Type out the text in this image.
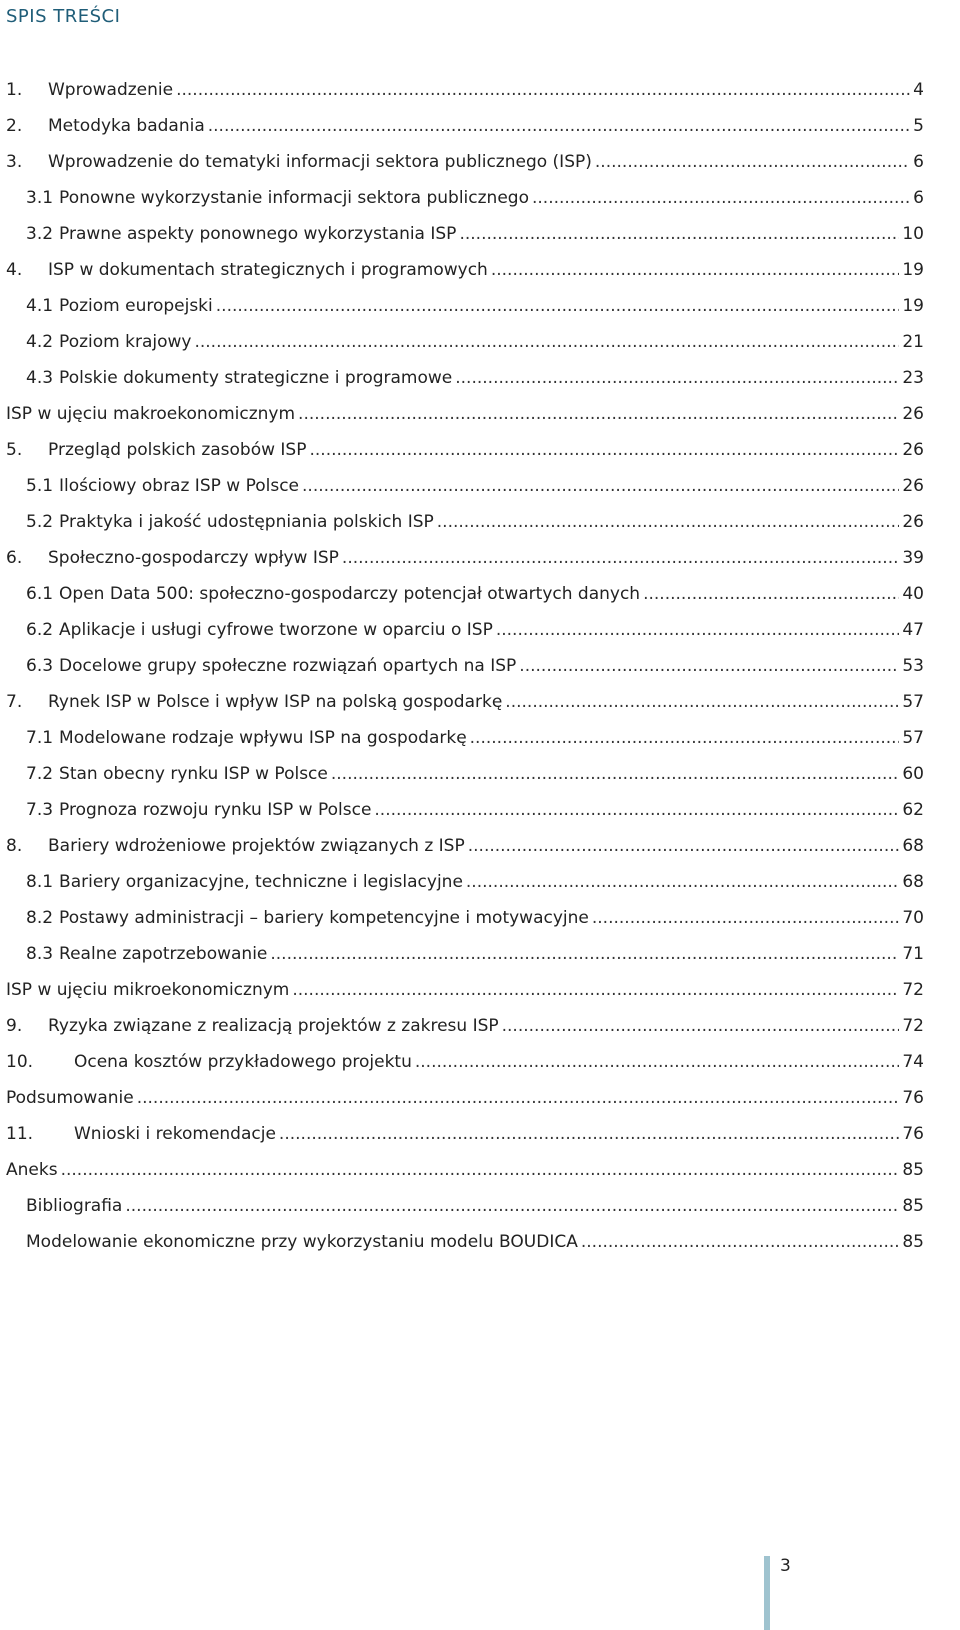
SPIS TREŚCI
1.	Wprowadzenie .....	4
2.	Metodyka badania .....	5
3.	Wprowadzenie do tematyki informacji sektora publicznego (ISP) .....	6
3.1 Ponowne wykorzystanie informacji sektora publicznego .....	6
3.2 Prawne aspekty ponownego wykorzystania ISP .....	10
4.	ISP w dokumentach strategicznych i programowych .....	19
4.1 Poziom europejski .....	19
4.2 Poziom krajowy .....	21
4.3 Polskie dokumenty strategiczne i programowe .....	23
ISP w ujęciu makroekonomicznym .....	26
5.	Przegląd polskich zasobów ISP .....	26
5.1 Ilościowy obraz ISP w Polsce .....	26
5.2 Praktyka i jakość udostępniania polskich ISP .....	26
6.	Społeczno-gospodarczy wpływ ISP .....	39
6.1 Open Data 500: społeczno-gospodarczy potencjał otwartych danych .....	40
6.2 Aplikacje i usługi cyfrowe tworzone w oparciu o ISP .....	47
6.3 Docelowe grupy społeczne rozwiązań opartych na ISP .....	53
7.	Rynek ISP w Polsce i wpływ ISP na polską gospodarkę .....	57
7.1 Modelowane rodzaje wpływu ISP na gospodarkę .....	57
7.2 Stan obecny rynku ISP w Polsce .....	60
7.3 Prognoza rozwoju rynku ISP w Polsce .....	62
8.	Bariery wdrożeniowe projektów związanych z ISP .....	68
8.1 Bariery organizacyjne, techniczne i legislacyjne .....	68
8.2 Postawy administracji – bariery kompetencyjne i motywacyjne .....	70
8.3 Realne zapotrzebowanie .....	71
ISP w ujęciu mikroekonomicznym .....	72
9.	Ryzyka związane z realizacją projektów z zakresu ISP .....	72
10.	Ocena kosztów przykładowego projektu .....	74
Podsumowanie .....	76
11.	Wnioski i rekomendacje .....	76
Aneks .....	85
Bibliografia .....	85
Modelowanie ekonomiczne przy wykorzystaniu modelu BOUDICA .....	85
3
